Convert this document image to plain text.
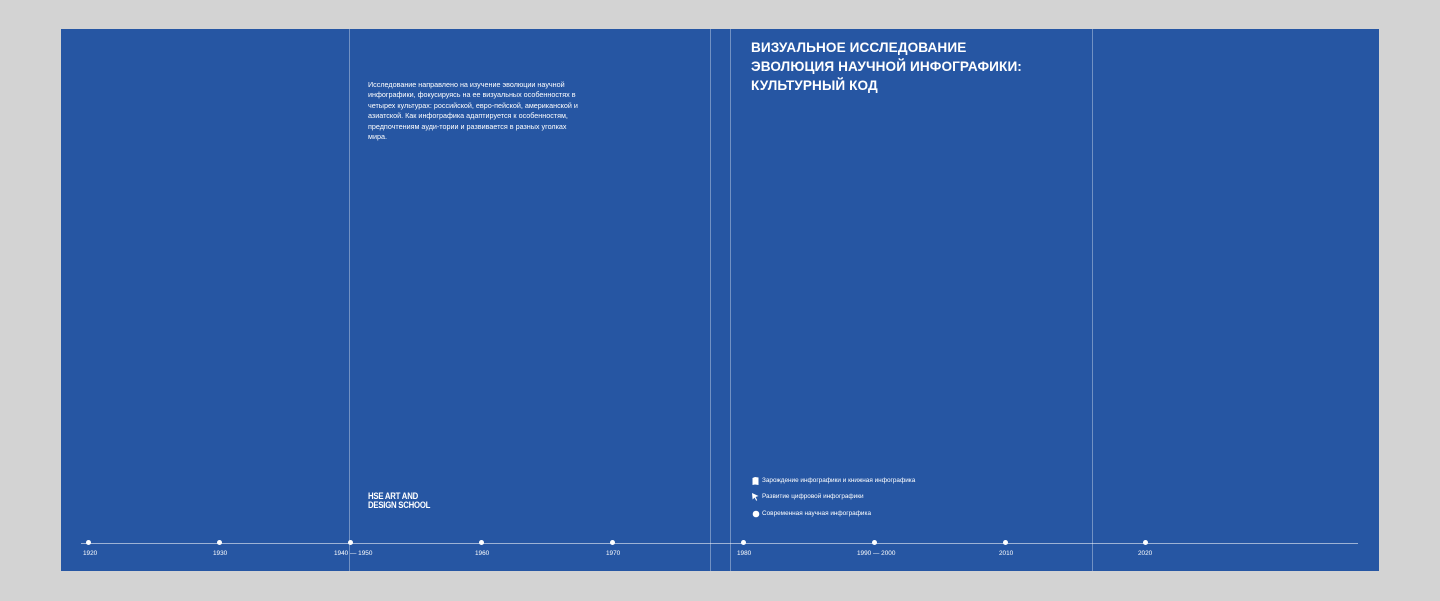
Исследование направлено на изучение эволюции научной инфографики, фокусируясь на ее визуальных особенностях в четырех культурах: российской, евро-пейской, американской и азиатской. Как инфографика адаптируется к особенностям, предпочтениям ауди-тории и развивается в разных уголках мира.

ВИЗУАЛЬНОЕ ИССЛЕДОВАНИЕ
ЭВОЛЮЦИЯ НАУЧНОЙ ИНФОГРАФИКИ:
КУЛЬТУРНЫЙ КОД
HSE ART AND
DESIGN SCHOOL
Зарождение инфографики и книжная инфографика
Развитие цифровой инфографики
Современная научная инфографика
1920	1930	1940 — 1950	1960	1970	1980	1990 — 2000	2010	2020
